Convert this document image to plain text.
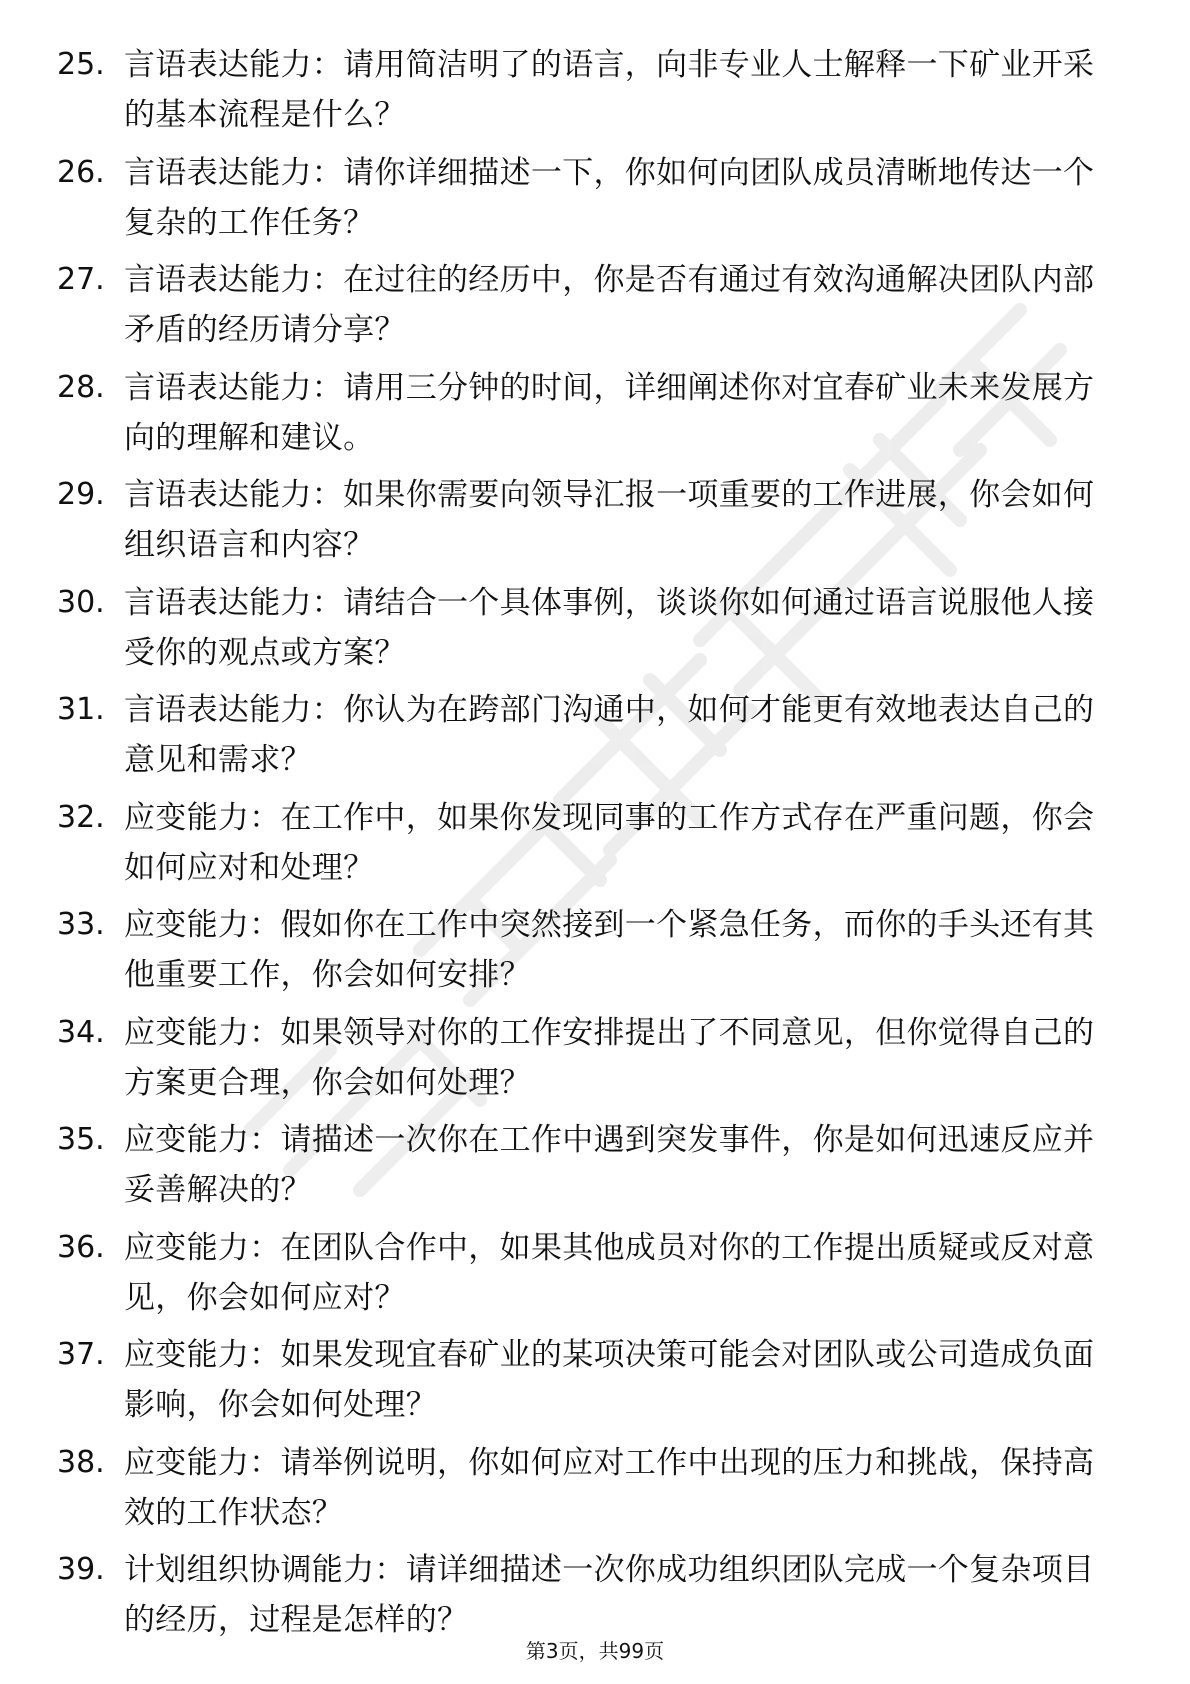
25. 言语表达能力：请用简洁明了的语言，向非专业人士解释一下矿业开采的基本流程是什么？
26. 言语表达能力：请你详细描述一下，你如何向团队成员清晰地传达一个复杂的工作任务？
27. 言语表达能力：在过往的经历中，你是否有通过有效沟通解决团队内部矛盾的经历请分享？
28. 言语表达能力：请用三分钟的时间，详细阐述你对宜春矿业未来发展方向的理解和建议。
29. 言语表达能力：如果你需要向领导汇报一项重要的工作进展，你会如何组织语言和内容？
30. 言语表达能力：请结合一个具体事例，谈谈你如何通过语言说服他人接受你的观点或方案？
31. 言语表达能力：你认为在跨部门沟通中，如何才能更有效地表达自己的意见和需求？
32. 应变能力：在工作中，如果你发现同事的工作方式存在严重问题，你会如何应对和处理？
33. 应变能力：假如你在工作中突然接到一个紧急任务，而你的手头还有其他重要工作，你会如何安排？
34. 应变能力：如果领导对你的工作安排提出了不同意见，但你觉得自己的方案更合理，你会如何处理？
35. 应变能力：请描述一次你在工作中遇到突发事件，你是如何迅速反应并妥善解决的？
36. 应变能力：在团队合作中，如果其他成员对你的工作提出质疑或反对意见，你会如何应对？
37. 应变能力：如果发现宜春矿业的某项决策可能会对团队或公司造成负面影响，你会如何处理？
38. 应变能力：请举例说明，你如何应对工作中出现的压力和挑战，保持高效的工作状态？
39. 计划组织协调能力：请详细描述一次你成功组织团队完成一个复杂项目的经历，过程是怎样的？
第3页，共99页
